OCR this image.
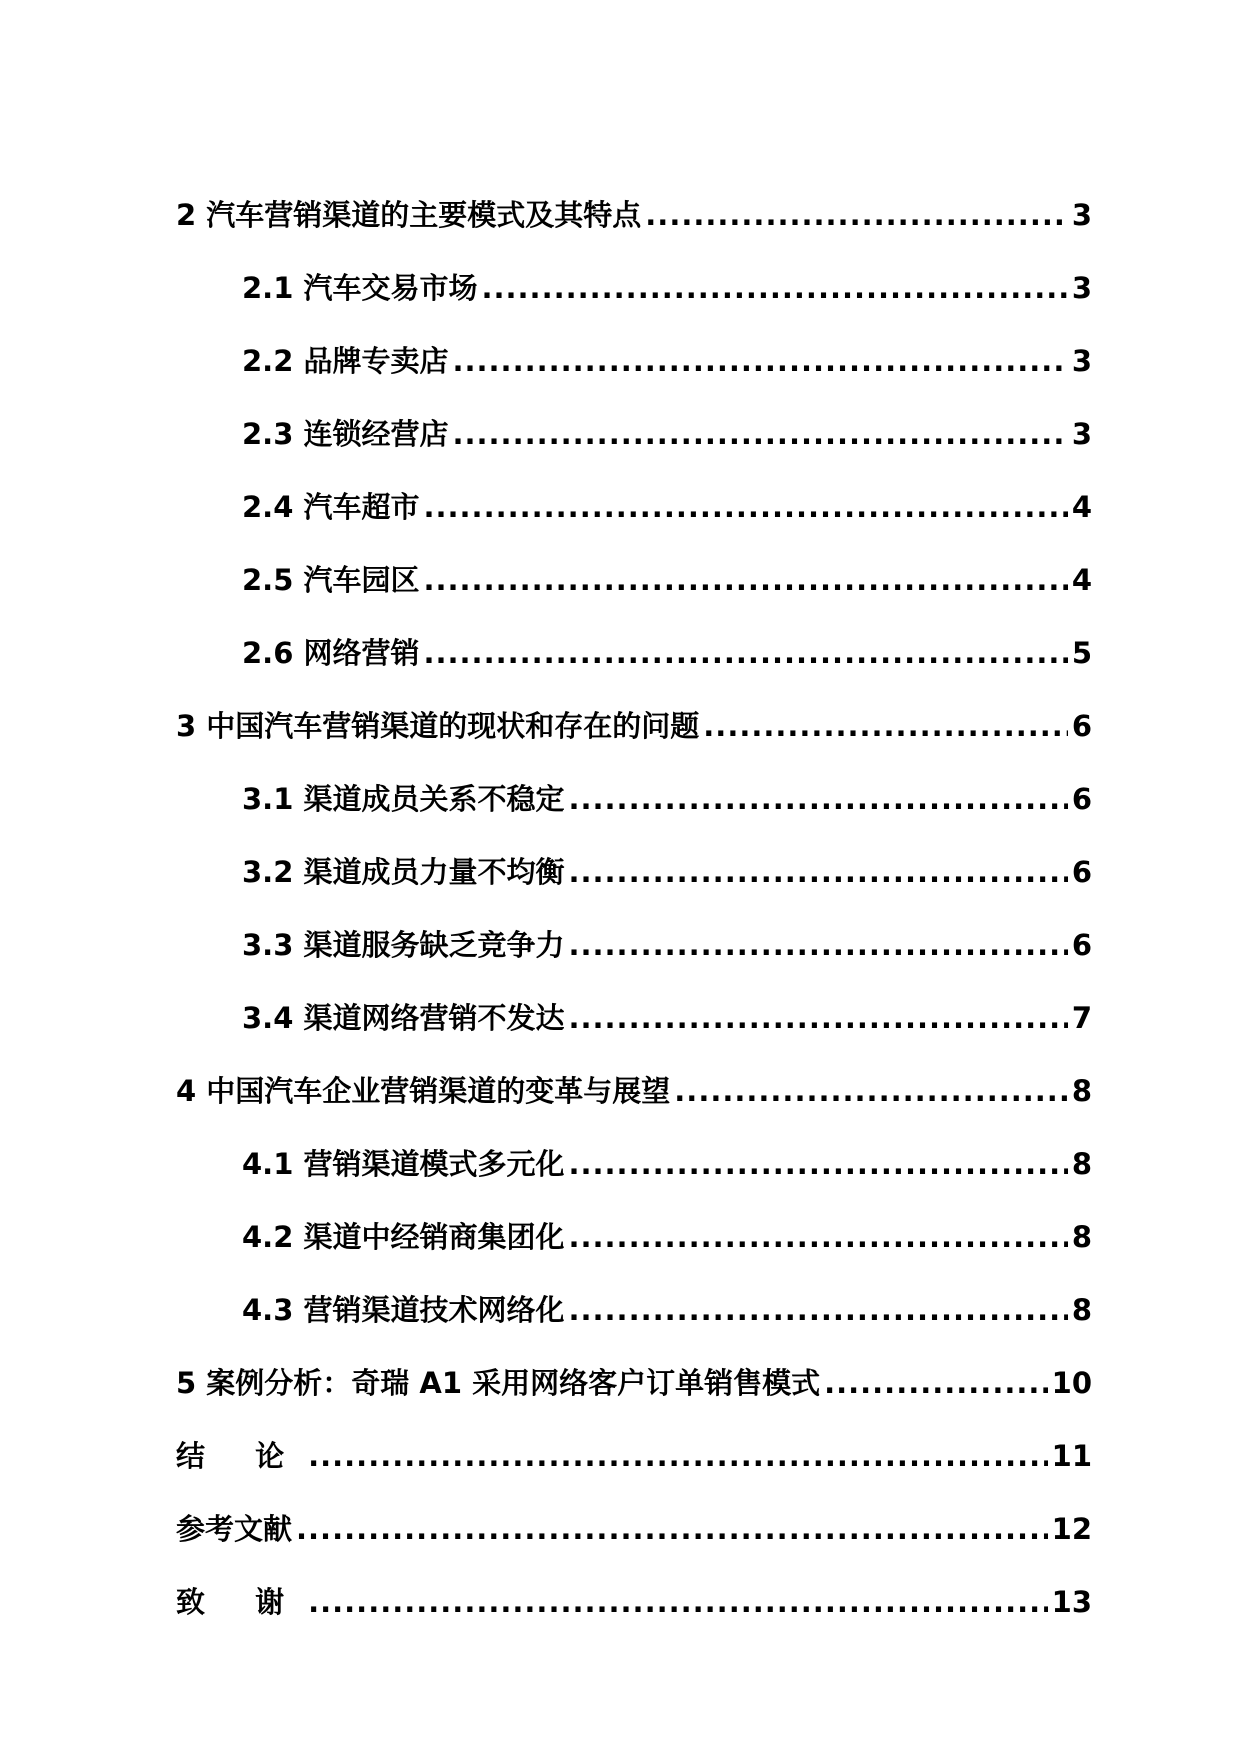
2 汽车营销渠道的主要模式及其特点 .....	3
2.1 汽车交易市场 .....	3
2.2 品牌专卖店 .....	3
2.3 连锁经营店 .....	3
2.4 汽车超市 .....	4
2.5 汽车园区 .....	4
2.6 网络营销 .....	5
3 中国汽车营销渠道的现状和存在的问题 .....	6
3.1 渠道成员关系不稳定 .....	6
3.2 渠道成员力量不均衡 .....	6
3.3 渠道服务缺乏竞争力 .....	6
3.4 渠道网络营销不发达 .....	7
4 中国汽车企业营销渠道的变革与展望 .....	8
4.1 营销渠道模式多元化 .....	8
4.2 渠道中经销商集团化 .....	8
4.3 营销渠道技术网络化 .....	8
5 案例分析：奇瑞 A1 采用网络客户订单销售模式 .....	10
结 论 .....	11
参考文献 .....	12
致 谢 .....	13
